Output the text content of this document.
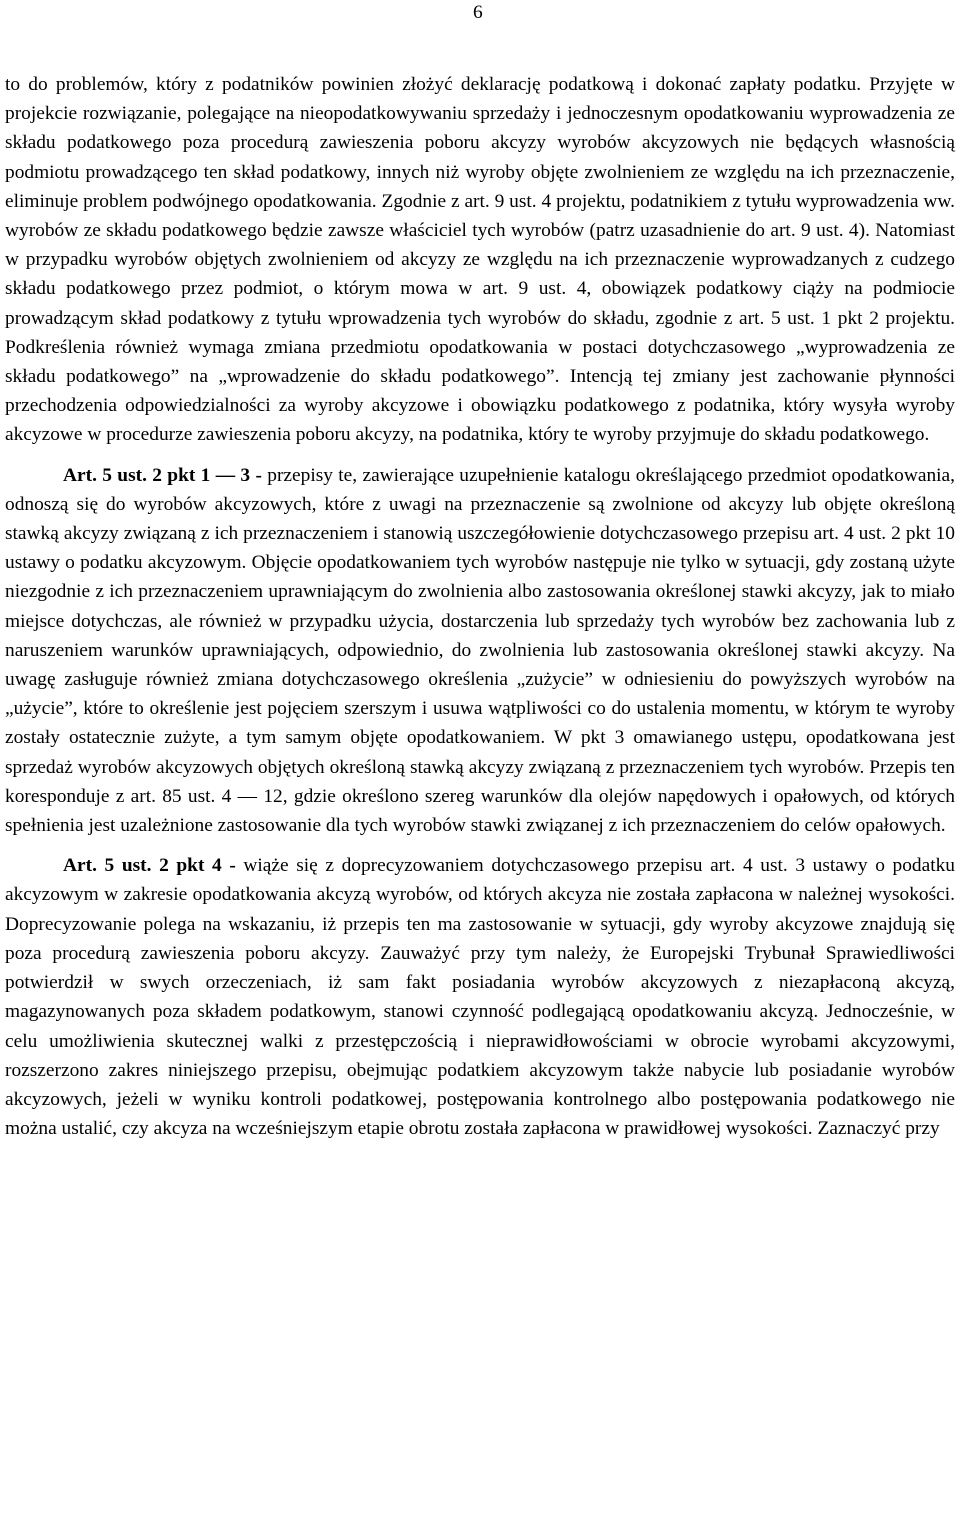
6

to do problemów, który z podatników powinien złożyć deklarację podatkową i dokonać zapłaty podatku. Przyjęte w projekcie rozwiązanie, polegające na nieopodatkowywaniu sprzedaży i jednoczesnym opodatkowaniu wyprowadzenia ze składu podatkowego poza procedurą zawieszenia poboru akcyzy wyrobów akcyzowych nie będących własnością podmiotu prowadzącego ten skład podatkowy, innych niż wyroby objęte zwolnieniem ze względu na ich przeznaczenie, eliminuje problem podwójnego opodatkowania. Zgodnie z art. 9 ust. 4 projektu, podatnikiem z tytułu wyprowadzenia ww. wyrobów ze składu podatkowego będzie zawsze właściciel tych wyrobów (patrz uzasadnienie do art. 9 ust. 4). Natomiast w przypadku wyrobów objętych zwolnieniem od akcyzy ze względu na ich przeznaczenie wyprowadzanych z cudzego składu podatkowego przez podmiot, o którym mowa w art. 9 ust. 4, obowiązek podatkowy ciąży na podmiocie prowadzącym skład podatkowy z tytułu wprowadzenia tych wyrobów do składu, zgodnie z art. 5 ust. 1 pkt 2 projektu. Podkreślenia również wymaga zmiana przedmiotu opodatkowania w postaci dotychczasowego „wyprowadzenia ze składu podatkowego” na „wprowadzenie do składu podatkowego”. Intencją tej zmiany jest zachowanie płynności przechodzenia odpowiedzialności za wyroby akcyzowe i obowiązku podatkowego z podatnika, który wysyła wyroby akcyzowe w procedurze zawieszenia poboru akcyzy, na podatnika, który te wyroby przyjmuje do składu podatkowego.

Art. 5 ust. 2 pkt 1 — 3 - przepisy te, zawierające uzupełnienie katalogu określającego przedmiot opodatkowania, odnoszą się do wyrobów akcyzowych, które z uwagi na przeznaczenie są zwolnione od akcyzy lub objęte określoną stawką akcyzy związaną z ich przeznaczeniem i stanowią uszczegółowienie dotychczasowego przepisu art. 4 ust. 2 pkt 10 ustawy o podatku akcyzowym. Objęcie opodatkowaniem tych wyrobów następuje nie tylko w sytuacji, gdy zostaną użyte niezgodnie z ich przeznaczeniem uprawniającym do zwolnienia albo zastosowania określonej stawki akcyzy, jak to miało miejsce dotychczas, ale również w przypadku użycia, dostarczenia lub sprzedaży tych wyrobów bez zachowania lub z naruszeniem warunków uprawniających, odpowiednio, do zwolnienia lub zastosowania określonej stawki akcyzy. Na uwagę zasługuje również zmiana dotychczasowego określenia „zużycie” w odniesieniu do powyższych wyrobów na „użycie”, które to określenie jest pojęciem szerszym i usuwa wątpliwości co do ustalenia momentu, w którym te wyroby zostały ostatecznie zużyte, a tym samym objęte opodatkowaniem. W pkt 3 omawianego ustępu, opodatkowana jest sprzedaż wyrobów akcyzowych objętych określoną stawką akcyzy związaną z przeznaczeniem tych wyrobów. Przepis ten koresponduje z art. 85 ust. 4 — 12, gdzie określono szereg warunków dla olejów napędowych i opałowych, od których spełnienia jest uzależnione zastosowanie dla tych wyrobów stawki związanej z ich przeznaczeniem do celów opałowych.

Art. 5 ust. 2 pkt 4 - wiąże się z doprecyzowaniem dotychczasowego przepisu art. 4 ust. 3 ustawy o podatku akcyzowym w zakresie opodatkowania akcyzą wyrobów, od których akcyza nie została zapłacona w należnej wysokości. Doprecyzowanie polega na wskazaniu, iż przepis ten ma zastosowanie w sytuacji, gdy wyroby akcyzowe znajdują się poza procedurą zawieszenia poboru akcyzy. Zauważyć przy tym należy, że Europejski Trybunał Sprawiedliwości potwierdził w swych orzeczeniach, iż sam fakt posiadania wyrobów akcyzowych z niezapłaconą akcyzą, magazynowanych poza składem podatkowym, stanowi czynność podlegającą opodatkowaniu akcyzą. Jednocześnie, w celu umożliwienia skutecznej walki z przestępczością i nieprawidłowościami w obrocie wyrobami akcyzowymi, rozszerzono zakres niniejszego przepisu, obejmując podatkiem akcyzowym także nabycie lub posiadanie wyrobów akcyzowych, jeżeli w wyniku kontroli podatkowej, postępowania kontrolnego albo postępowania podatkowego nie można ustalić, czy akcyza na wcześniejszym etapie obrotu została zapłacona w prawidłowej wysokości. Zaznaczyć przy
